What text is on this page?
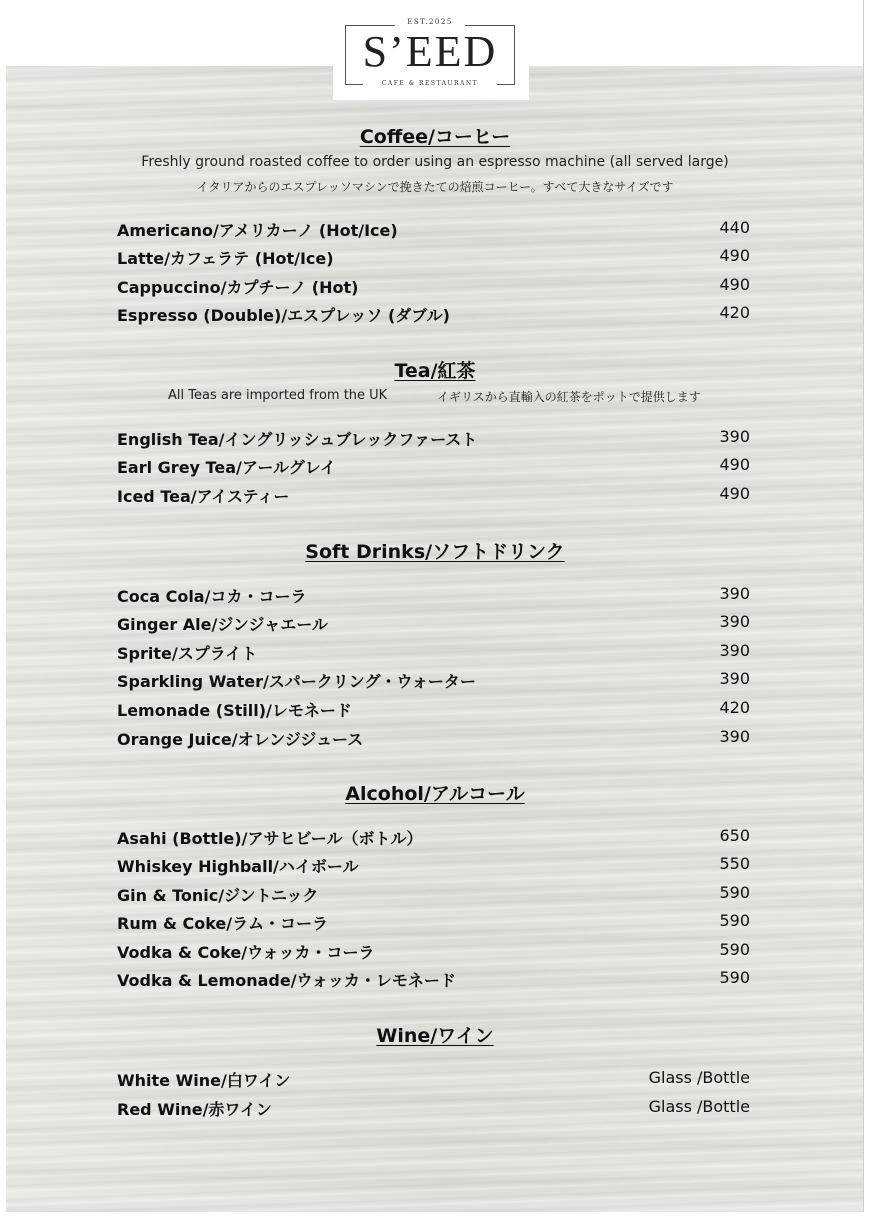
S’EED
EST.2025
CAFE & RESTAURANT
Coffee/コーヒー
Freshly ground roasted coffee to order using an espresso machine (all served large)
イタリアからのエスプレッソマシンで挽きたての焙煎コーヒー。すべて大きなサイズです
Americano/アメリカーノ (Hot/Ice)	440
Latte/カフェラテ (Hot/Ice)	490
Cappuccino/カプチーノ (Hot)	490
Espresso (Double)/エスプレッソ (ダブル)	420
Tea/紅茶
All Teas are imported from the UK	イギリスから直輸入の紅茶をポットで提供します
English Tea/イングリッシュブレックファースト	390
Earl Grey Tea/アールグレイ	490
Iced Tea/アイスティー	490
Soft Drinks/ソフトドリンク
Coca Cola/コカ・コーラ	390
Ginger Ale/ジンジャエール	390
Sprite/スプライト	390
Sparkling Water/スパークリング・ウォーター	390
Lemonade (Still)/レモネード	420
Orange Juice/オレンジジュース	390
Alcohol/アルコール
Asahi (Bottle)/アサヒビール（ボトル）	650
Whiskey Highball/ハイボール	550
Gin & Tonic/ジントニック	590
Rum & Coke/ラム・コーラ	590
Vodka & Coke/ウォッカ・コーラ	590
Vodka & Lemonade/ウォッカ・レモネード	590
Wine/ワイン
White Wine/白ワイン	Glass /Bottle
Red Wine/赤ワイン	Glass /Bottle
